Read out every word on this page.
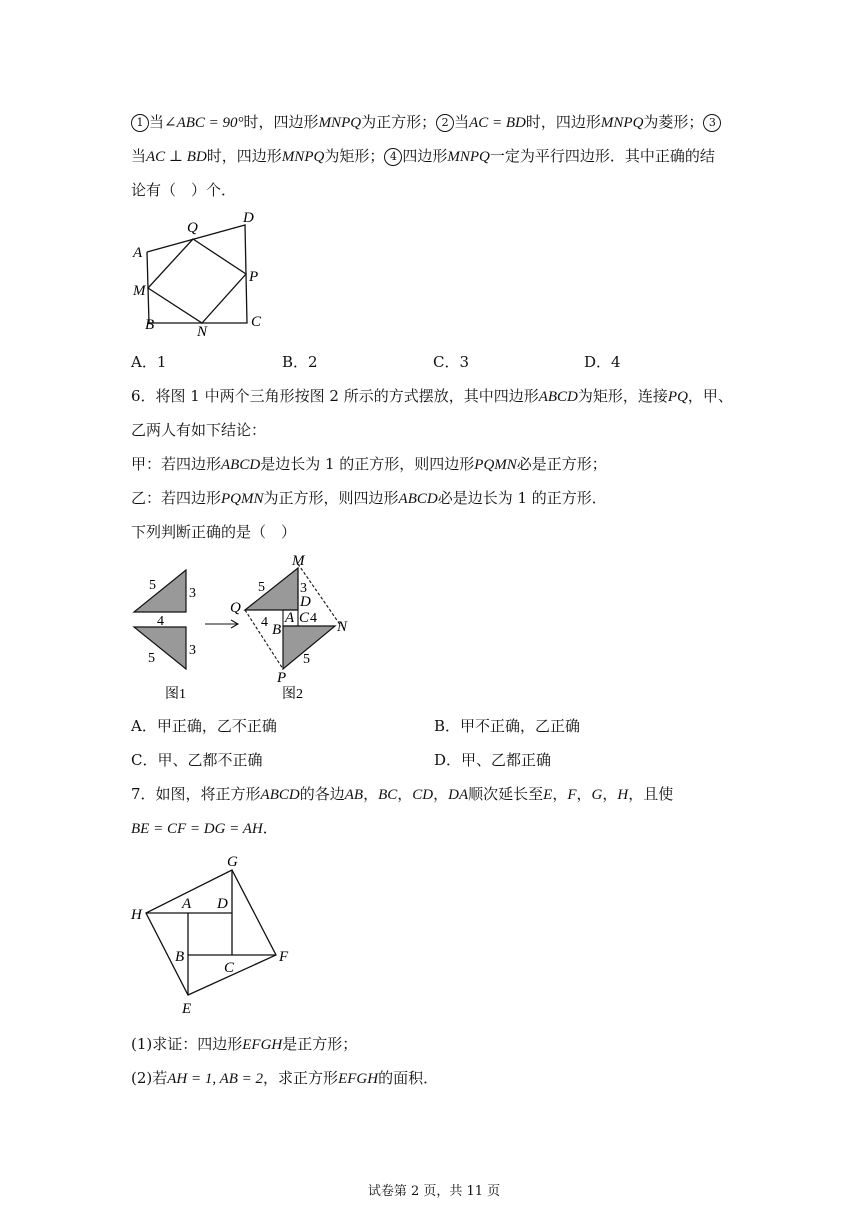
1 当∠ABC = 90°时，四边形MNPQ为正方形； 2 当AC = BD时，四边形MNPQ为菱形； 3
当AC ⊥ BD时，四边形MNPQ为矩形； 4 四边形MNPQ一定为平行四边形．其中正确的结
论有（　）个．
A
M
B	N
C
P
D
Q
A．1	B．2	C．3	D．4
6．将图 1 中两个三角形按图 2 所示的方式摆放，其中四边形ABCD为矩形，连接PQ，甲、
乙两人有如下结论：
甲：若四边形ABCD是边长为 1 的正方形，则四边形PQMN必是正方形；
乙：若四边形PQMN为正方形，则四边形ABCD必是边长为 1 的正方形．
下列判断正确的是（　）
5
3
4
5
3
图1
M
5	3
D
Q
4 A C 4
N
B
5
P
图2
A．甲正确，乙不正确	B．甲不正确，乙正确
C．甲、乙都不正确	D．甲、乙都正确
7．如图，将正方形ABCD的各边AB，BC，CD，DA顺次延长至E，F，G，H，且使
BE = CF = DG = AH．
G
H
A D
B
C
F
E
(1)求证：四边形EFGH是正方形；
(2)若AH = 1, AB = 2，求正方形EFGH的面积．
试卷第 2 页，共 11 页
